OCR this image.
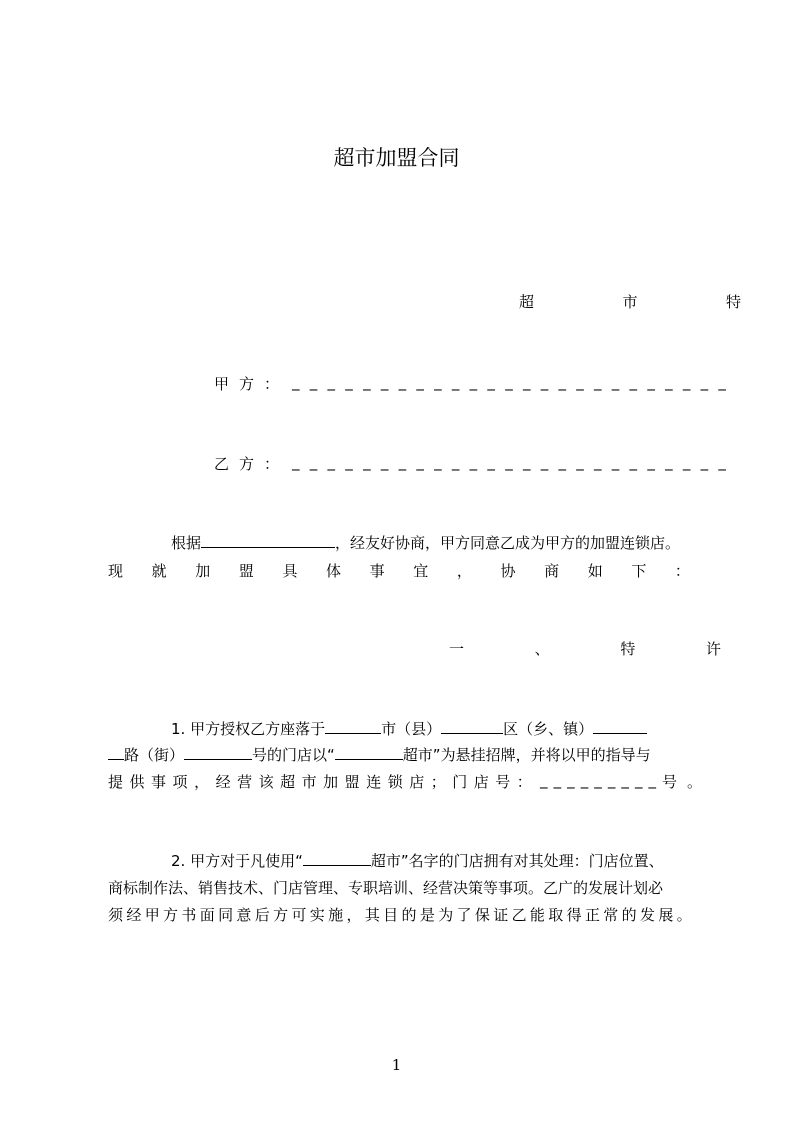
超市加盟合同
超	市	特
甲方： _ _ _ _ _ _ _ _ _ _ _ _ _ _ _ _ _ _ _ _ _ _ _ _ _
乙方： _ _ _ _ _ _ _ _ _ _ _ _ _ _ _ _ _ _ _ _ _ _ _ _ _
根据	，经友好协商，甲方同意乙成为甲方的加盟连锁店。
现 就 加 盟 具 体 事 宜 ， 协 商 如 下 ：
一	、	特	许
1. 甲方授权乙方座落于	市（县）	区（乡、镇）
路（街）	号的门店以“	超市”为悬挂招牌，并将以甲的指导与
提 供 事 项 ， 经 营 该 超 市 加 盟 连 锁 店 ； 门 店 号 ： _ _ _ _ _ _ _ _ _ 号。
2. 甲方对于凡使用“	超市”名字的门店拥有对其处理：门店位置、
商标制作法、销售技术、门店管理、专职培训、经营决策等事项。乙广的发展计划必
须 经 甲 方 书 面 同 意 后 方 可 实 施 ， 其 目 的 是 为 了 保 证 乙 能 取 得 正 常 的 发 展 。
1
